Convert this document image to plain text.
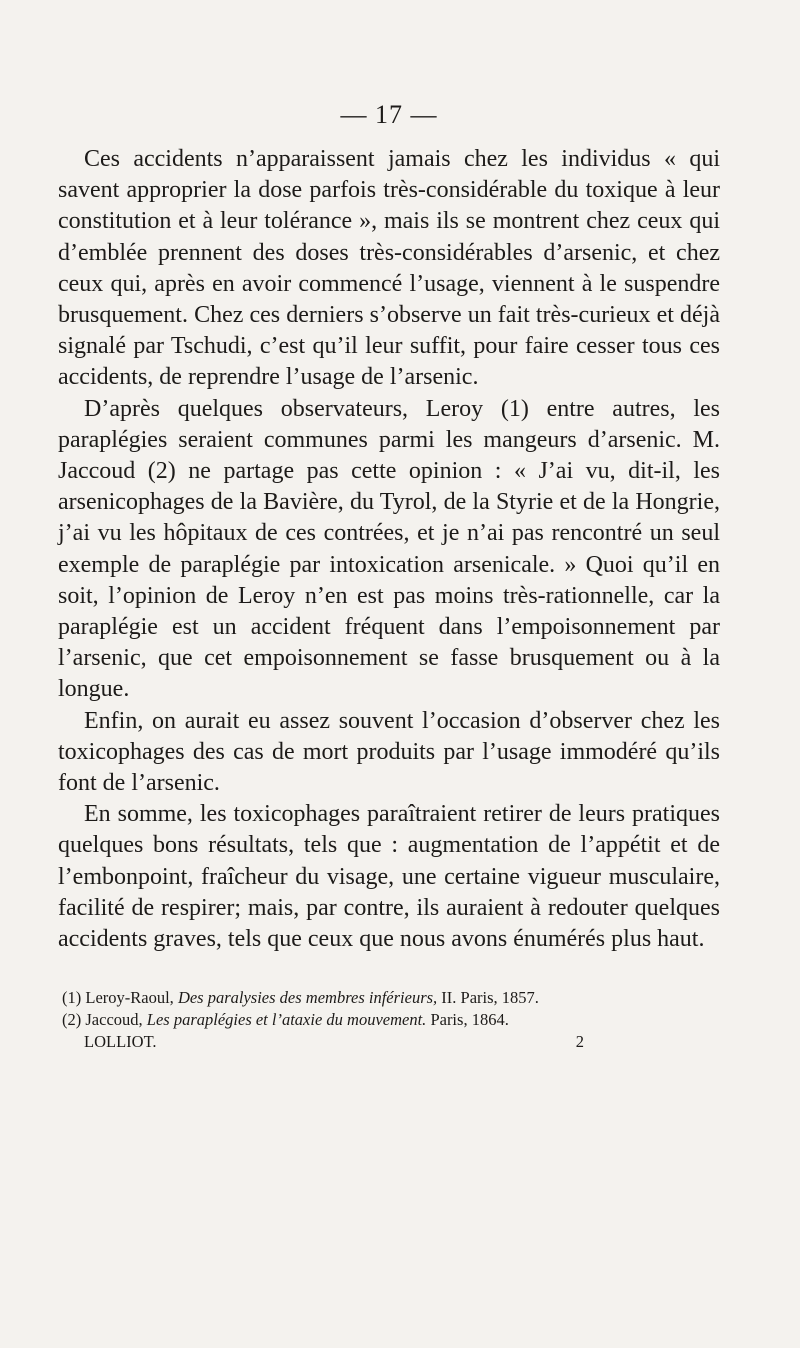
— 17 —

Ces accidents n’apparaissent jamais chez les individus « qui savent approprier la dose parfois très-considérable du toxique à leur constitution et à leur tolérance », mais ils se montrent chez ceux qui d’emblée prennent des doses très-considérables d’arsenic, et chez ceux qui, après en avoir commencé l’usage, viennent à le suspendre brusquement. Chez ces derniers s’observe un fait très-curieux et déjà signalé par Tschudi, c’est qu’il leur suffit, pour faire cesser tous ces accidents, de reprendre l’usage de l’arsenic.

D’après quelques observateurs, Leroy (1) entre autres, les paraplégies seraient communes parmi les mangeurs d’arsenic. M. Jaccoud (2) ne partage pas cette opinion : « J’ai vu, dit-il, les arsenicophages de la Bavière, du Tyrol, de la Styrie et de la Hongrie, j’ai vu les hôpitaux de ces contrées, et je n’ai pas rencontré un seul exemple de paraplégie par intoxication arsenicale. » Quoi qu’il en soit, l’opinion de Leroy n’en est pas moins très-rationnelle, car la paraplégie est un accident fréquent dans l’empoisonnement par l’arsenic, que cet empoisonnement se fasse brusquement ou à la longue.

Enfin, on aurait eu assez souvent l’occasion d’observer chez les toxicophages des cas de mort produits par l’usage immodéré qu’ils font de l’arsenic.

En somme, les toxicophages paraîtraient retirer de leurs pratiques quelques bons résultats, tels que : augmentation de l’appétit et de l’embonpoint, fraîcheur du visage, une certaine vigueur musculaire, facilité de respirer; mais, par contre, ils auraient à redouter quelques accidents graves, tels que ceux que nous avons énumérés plus haut.

(1) Leroy-Raoul, Des paralysies des membres inférieurs, II. Paris, 1857.

(2) Jaccoud, Les paraplégies et l’ataxie du mouvement. Paris, 1864.

LOLLIOT.	2
